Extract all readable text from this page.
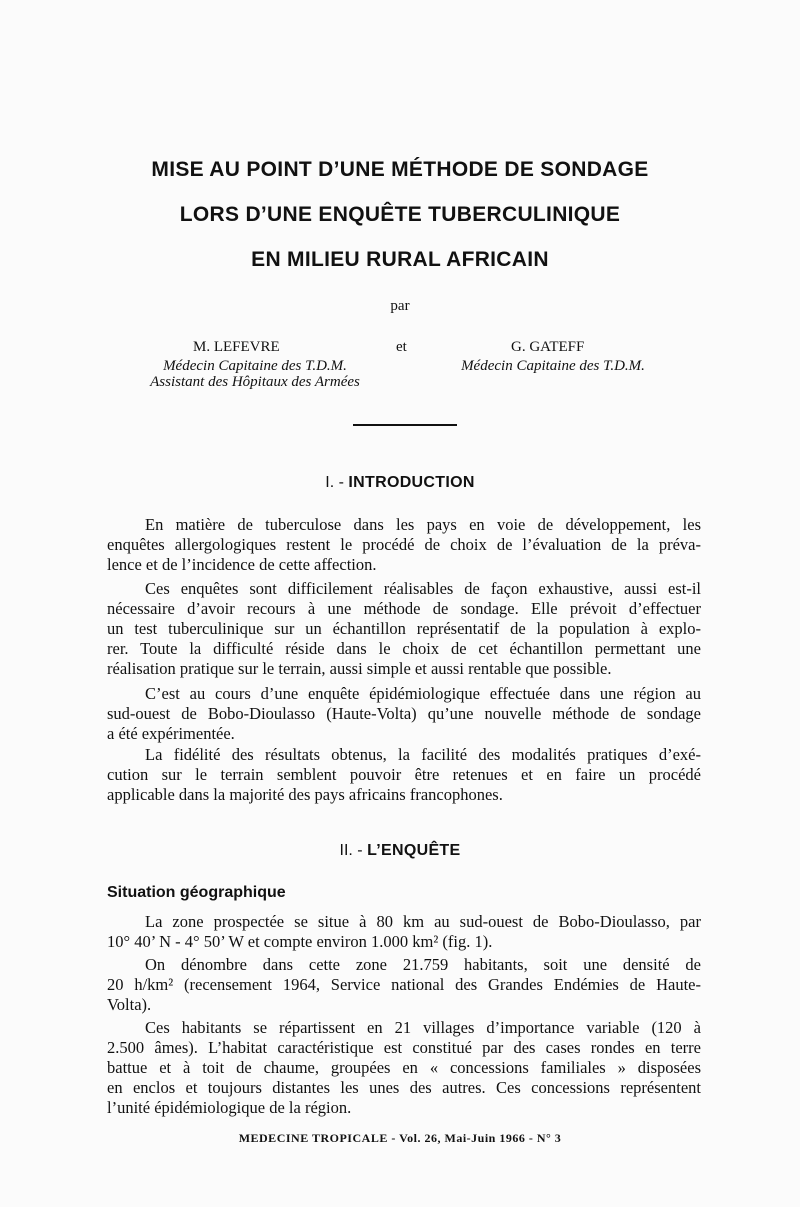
MISE AU POINT D’UNE MÉTHODE DE SONDAGE
LORS D’UNE ENQUÊTE TUBERCULINIQUE
EN MILIEU RURAL AFRICAIN
par
M. LEFEVRE	et	G. GATEFF
Médecin Capitaine des T.D.M.
Assistant des Hôpitaux des Armées
Médecin Capitaine des T.D.M.
I. - INTRODUCTION
En matière de tuberculose dans les pays en voie de développement, les
enquêtes allergologiques restent le procédé de choix de l’évaluation de la préva-
lence et de l’incidence de cette affection.
Ces enquêtes sont difficilement réalisables de façon exhaustive, aussi est-il
nécessaire d’avoir recours à une méthode de sondage. Elle prévoit d’effectuer
un test tuberculinique sur un échantillon représentatif de la population à explo-
rer. Toute la difficulté réside dans le choix de cet échantillon permettant une
réalisation pratique sur le terrain, aussi simple et aussi rentable que possible.
C’est au cours d’une enquête épidémiologique effectuée dans une région au
sud-ouest de Bobo-Dioulasso (Haute-Volta) qu’une nouvelle méthode de sondage
a été expérimentée.
La fidélité des résultats obtenus, la facilité des modalités pratiques d’exé-
cution sur le terrain semblent pouvoir être retenues et en faire un procédé
applicable dans la majorité des pays africains francophones.
II. - L’ENQUÊTE
Situation géographique
La zone prospectée se situe à 80 km au sud-ouest de Bobo-Dioulasso, par
10° 40’ N - 4° 50’ W et compte environ 1.000 km² (fig. 1).
On dénombre dans cette zone 21.759 habitants, soit une densité de
20 h/km² (recensement 1964, Service national des Grandes Endémies de Haute-
Volta).
Ces habitants se répartissent en 21 villages d’importance variable (120 à
2.500 âmes). L’habitat caractéristique est constitué par des cases rondes en terre
battue et à toit de chaume, groupées en « concessions familiales » disposées
en enclos et toujours distantes les unes des autres. Ces concessions représentent
l’unité épidémiologique de la région.
MEDECINE TROPICALE - Vol. 26, Mai-Juin 1966 - N° 3
